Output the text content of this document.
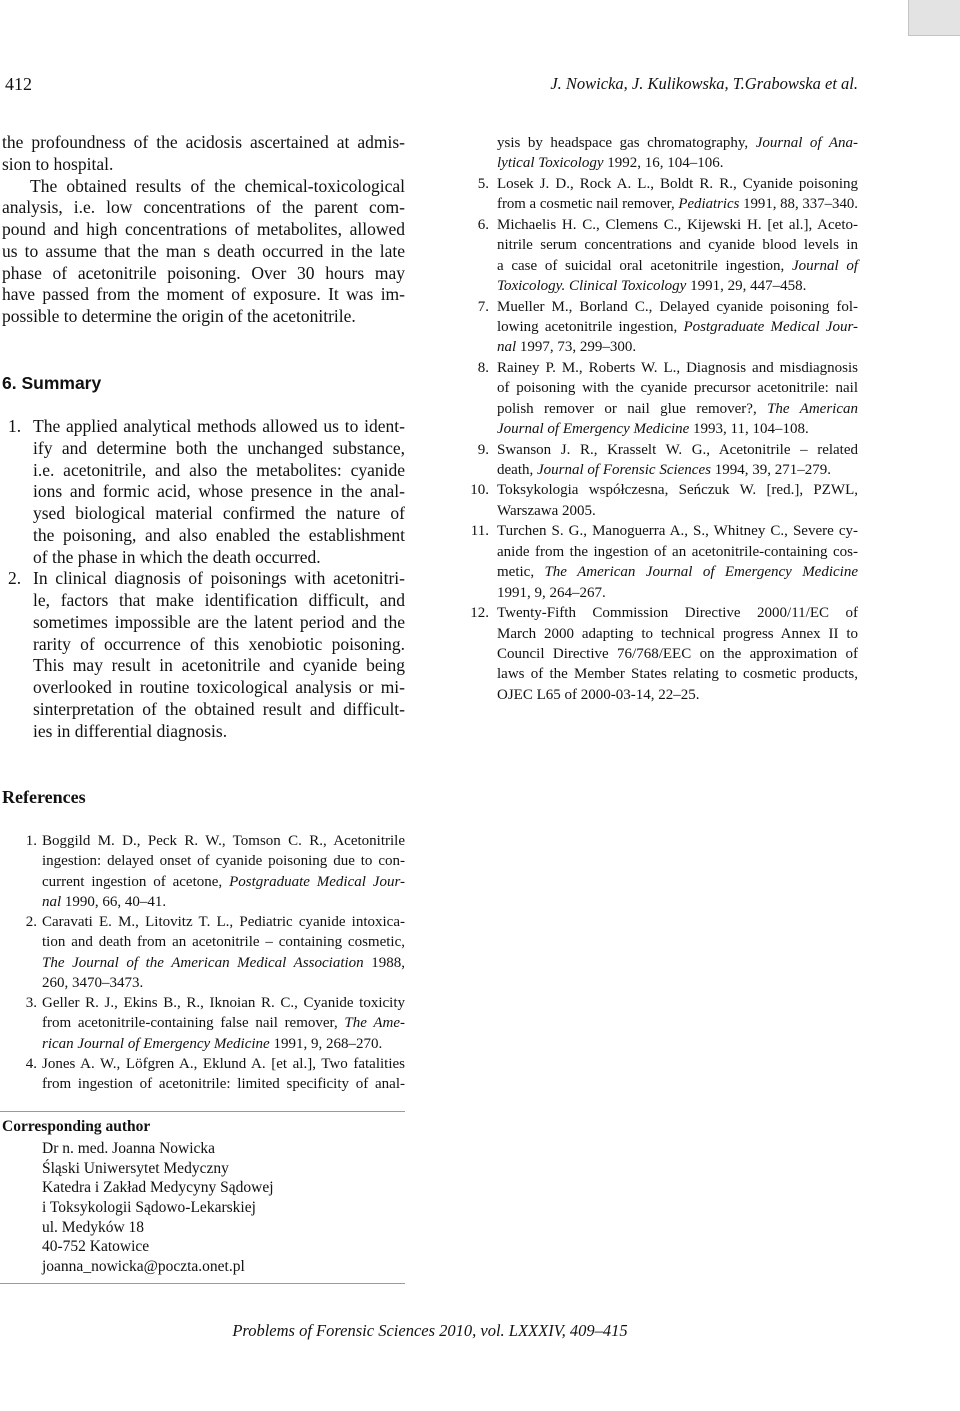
412	J. Nowicka, J. Kulikowska, T.Grabowska et al.
the profoundness of the acidosis ascertained at admis-
sion to hospital.
The obtained results of the chemical-toxicological
analysis, i.e. low concentrations of the parent com-
pound and high concentrations of metabolites, allowed
us to assume that the man s death occurred in the late
phase of acetonitrile poisoning. Over 30 hours may
have passed from the moment of exposure. It was im-
possible to determine the origin of the acetonitrile.
6. Summary
1. The applied analytical methods allowed us to ident-
ify and determine both the unchanged substance,
i.e. acetonitrile, and also the metabolites: cyanide
ions and formic acid, whose presence in the anal-
ysed biological material confirmed the nature of
the poisoning, and also enabled the establishment
of the phase in which the death occurred.
2. In clinical diagnosis of poisonings with acetonitri-
le, factors that make identification difficult, and
sometimes impossible are the latent period and the
rarity of occurrence of this xenobiotic poisoning.
This may result in acetonitrile and cyanide being
overlooked in routine toxicological analysis or mi-
sinterpretation of the obtained result and difficult-
ies in differential diagnosis.
ysis by headspace gas chromatography, Journal of Ana-
lytical Toxicology 1992, 16, 104–106.
5. Losek J. D., Rock A. L., Boldt R. R., Cyanide poisoning
from a cosmetic nail remover, Pediatrics 1991, 88, 337–340.
6. Michaelis H. C., Clemens C., Kijewski H. [et al.], Aceto-
nitrile serum concentrations and cyanide blood levels in
a case of suicidal oral acetonitrile ingestion, Journal of
Toxicology. Clinical Toxicology 1991, 29, 447–458.
7. Mueller M., Borland C., Delayed cyanide poisoning fol-
lowing acetonitrile ingestion, Postgraduate Medical Jour-
nal 1997, 73, 299–300.
8. Rainey P. M., Roberts W. L., Diagnosis and misdiagnosis
of poisoning with the cyanide precursor acetonitrile: nail
polish remover or nail glue remover?, The American
Journal of Emergency Medicine 1993, 11, 104–108.
9. Swanson J. R., Krasselt W. G., Acetonitrile – related
death, Journal of Forensic Sciences 1994, 39, 271–279.
10. Toksykologia współczesna, Seńczuk W. [red.], PZWL,
Warszawa 2005.
11. Turchen S. G., Manoguerra A., S., Whitney C., Severe cy-
anide from the ingestion of an acetonitrile-containing cos-
metic, The American Journal of Emergency Medicine
1991, 9, 264–267.
12. Twenty-Fifth Commission Directive 2000/11/EC of
March 2000 adapting to technical progress Annex II to
Council Directive 76/768/EEC on the approximation of
laws of the Member States relating to cosmetic products,
OJEC L65 of 2000-03-14, 22–25.
References
1. Boggild M. D., Peck R. W., Tomson C. R., Acetonitrile
ingestion: delayed onset of cyanide poisoning due to con-
current ingestion of acetone, Postgraduate Medical Jour-
nal 1990, 66, 40–41.
2. Caravati E. M., Litovitz T. L., Pediatric cyanide intoxica-
tion and death from an acetonitrile – containing cosmetic,
The Journal of the American Medical Association 1988,
260, 3470–3473.
3. Geller R. J., Ekins B., R., Iknoian R. C., Cyanide toxicity
from acetonitrile-containing false nail remover, The Ame-
rican Journal of Emergency Medicine 1991, 9, 268–270.
4. Jones A. W., Löfgren A., Eklund A. [et al.], Two fatalities
from ingestion of acetonitrile: limited specificity of anal-
Corresponding author
Dr n. med. Joanna Nowicka
Śląski Uniwersytet Medyczny
Katedra i Zakład Medycyny Sądowej
i Toksykologii Sądowo-Lekarskiej
ul. Medyków 18
40-752 Katowice
joanna_nowicka@poczta.onet.pl
Problems of Forensic Sciences 2010, vol. LXXXIV, 409–415
